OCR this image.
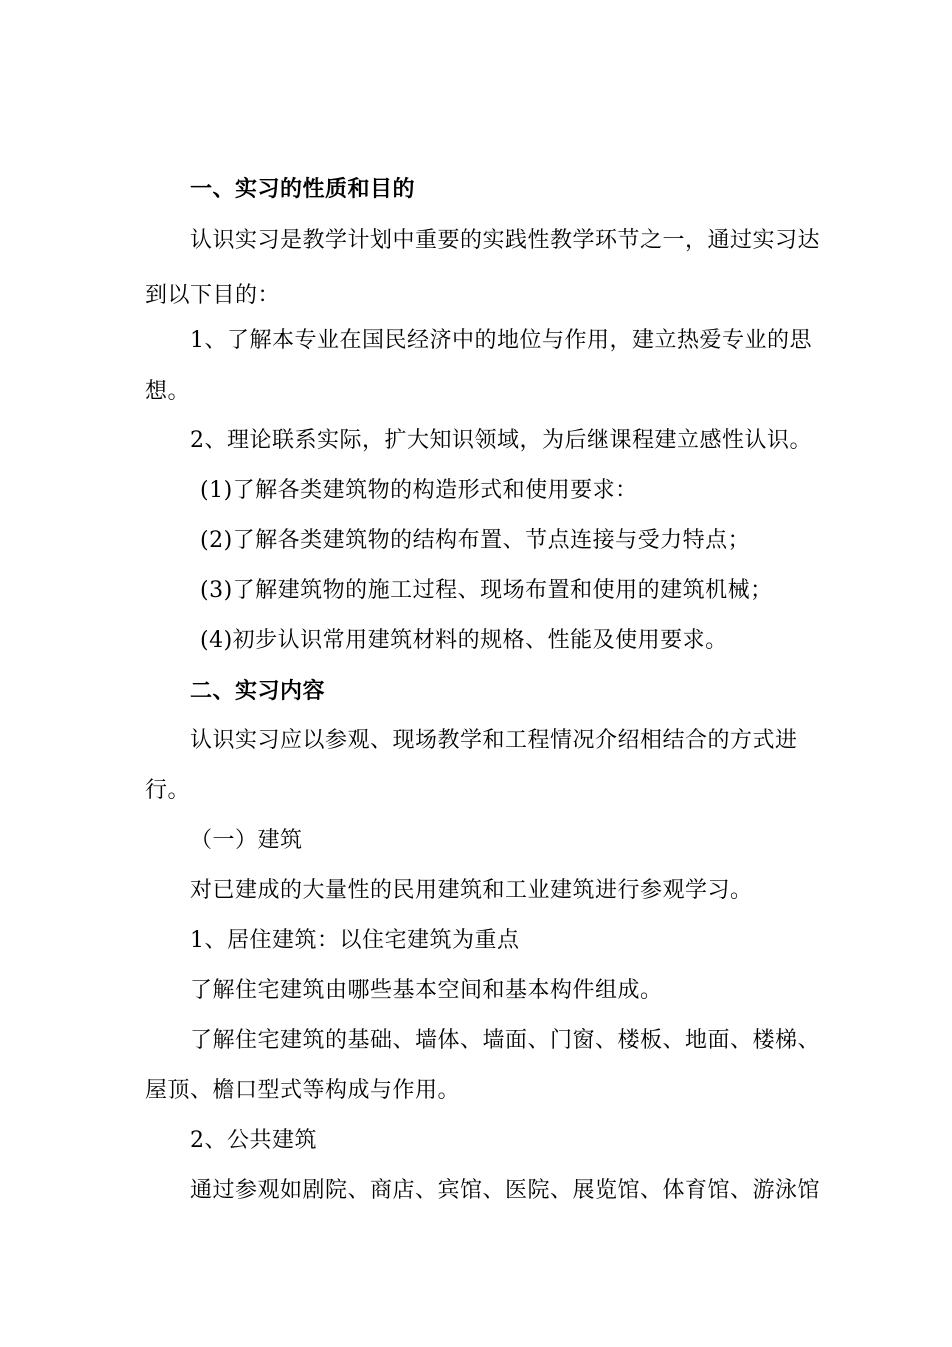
一、实习的性质和目的
认识实习是教学计划中重要的实践性教学环节之一，通过实习达
到以下目的：
1、了解本专业在国民经济中的地位与作用，建立热爱专业的思
想。
2、理论联系实际，扩大知识领域，为后继课程建立感性认识。
(1)了解各类建筑物的构造形式和使用要求：
(2)了解各类建筑物的结构布置、节点连接与受力特点；
(3)了解建筑物的施工过程、现场布置和使用的建筑机械；
(4)初步认识常用建筑材料的规格、性能及使用要求。
二、实习内容
认识实习应以参观、现场教学和工程情况介绍相结合的方式进
行。
（一）建筑
对已建成的大量性的民用建筑和工业建筑进行参观学习。
1、居住建筑：以住宅建筑为重点
了解住宅建筑由哪些基本空间和基本构件组成。
了解住宅建筑的基础、墙体、墙面、门窗、楼板、地面、楼梯、
屋顶、檐口型式等构成与作用。
2、公共建筑
通过参观如剧院、商店、宾馆、医院、展览馆、体育馆、游泳馆
